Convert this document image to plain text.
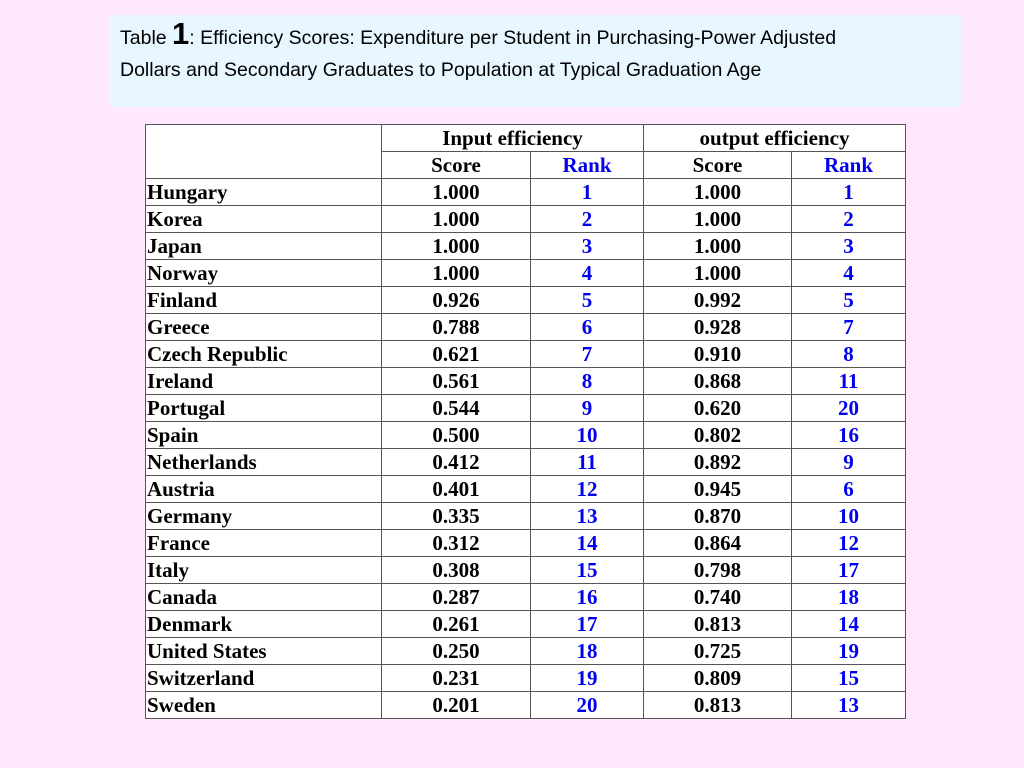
Table 1: Efficiency Scores: Expenditure per Student in Purchasing-Power Adjusted
Dollars and Secondary Graduates to Population at Typical Graduation Age
	Input efficiency		output efficiency	
	Score	Rank	Score	Rank
Hungary	1.000	1	1.000	1
Korea	1.000	2	1.000	2
Japan	1.000	3	1.000	3
Norway	1.000	4	1.000	4
Finland	0.926	5	0.992	5
Greece	0.788	6	0.928	7
Czech Republic	0.621	7	0.910	8
Ireland	0.561	8	0.868	11
Portugal	0.544	9	0.620	20
Spain	0.500	10	0.802	16
Netherlands	0.412	11	0.892	9
Austria	0.401	12	0.945	6
Germany	0.335	13	0.870	10
France	0.312	14	0.864	12
Italy	0.308	15	0.798	17
Canada	0.287	16	0.740	18
Denmark	0.261	17	0.813	14
United States	0.250	18	0.725	19
Switzerland	0.231	19	0.809	15
Sweden	0.201	20	0.813	13
